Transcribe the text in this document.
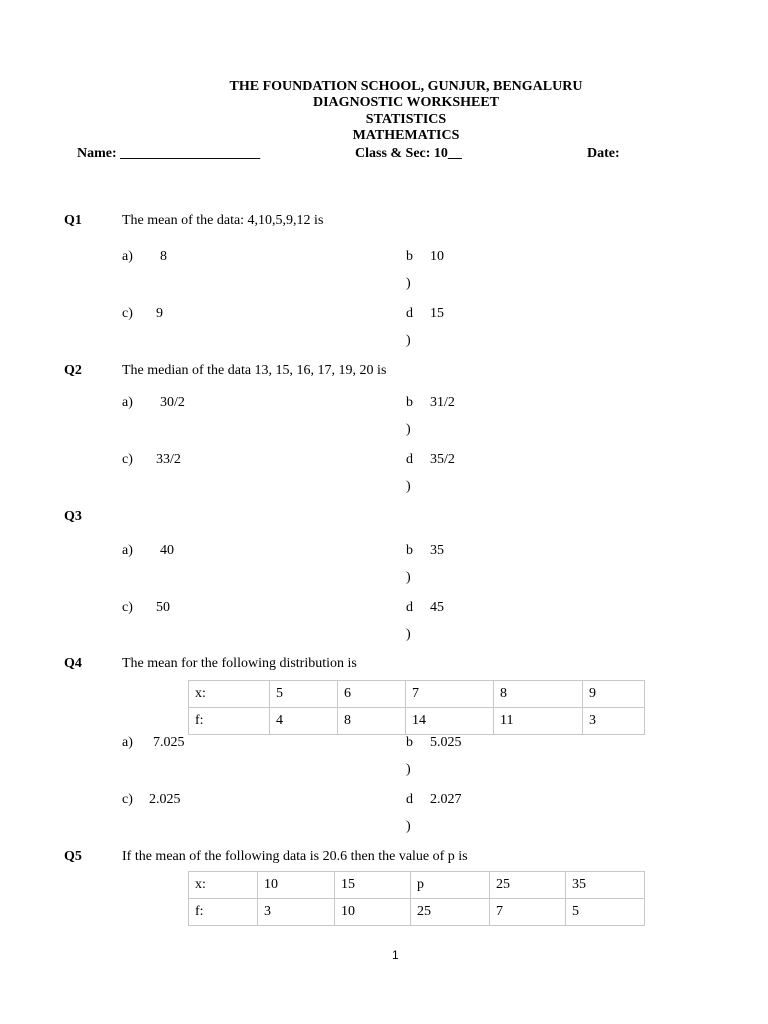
THE FOUNDATION SCHOOL, GUNJUR, BENGALURU
DIAGNOSTIC WORKSHEET
STATISTICS
MATHEMATICS
Name: ____________________	Class & Sec: 10__	Date:
Q1	The mean of the data: 4,10,5,9,12 is
a) 8	b
)
10
c) 9	d
)
15
Q2	The median of the data 13, 15, 16, 17, 19, 20 is
a) 30/2	b
)
31/2
c) 33/2	d
)
35/2
Q3
a) 40	b
)
35
c) 50	d
)
45
Q4	The mean for the following distribution is
x:	5	6	7	8	9
f:	4	8	14	11	3
a) 7.025	b
)
5.025
c) 2.025	d
)
2.027
Q5	If the mean of the following data is 20.6 then the value of p is
x:	10	15	p	25	35
f:	3	10	25	7	5
1
